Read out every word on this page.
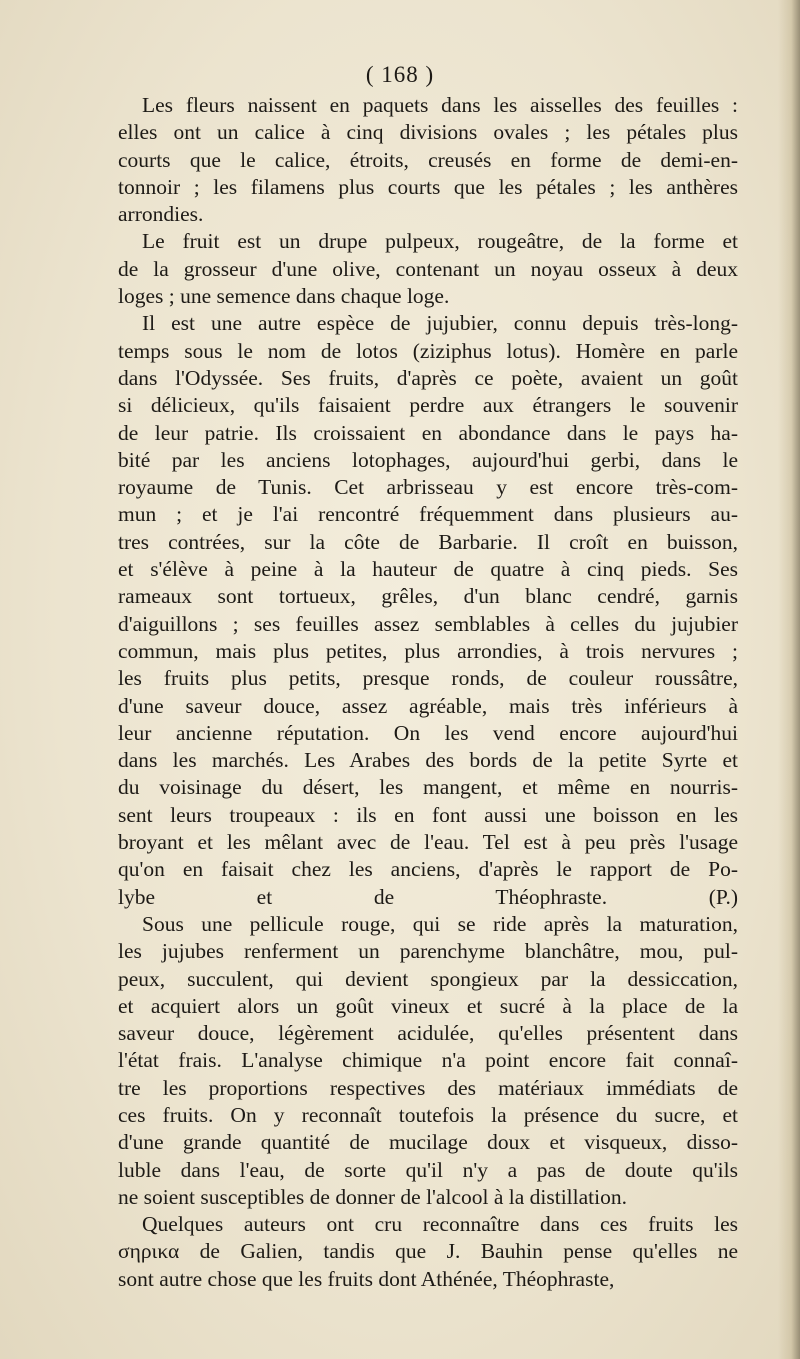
( 168 )
Les fleurs naissent en paquets dans les aisselles des feuilles :
elles ont un calice à cinq divisions ovales ; les pétales plus
courts que le calice, étroits, creusés en forme de demi-en-
tonnoir ; les filamens plus courts que les pétales ; les anthères
arrondies.
Le fruit est un drupe pulpeux, rougeâtre, de la forme et
de la grosseur d'une olive, contenant un noyau osseux à deux
loges ; une semence dans chaque loge.
Il est une autre espèce de jujubier, connu depuis très-long-
temps sous le nom de lotos (ziziphus lotus). Homère en parle
dans l'Odyssée. Ses fruits, d'après ce poète, avaient un goût
si délicieux, qu'ils faisaient perdre aux étrangers le souvenir
de leur patrie. Ils croissaient en abondance dans le pays ha-
bité par les anciens lotophages, aujourd'hui gerbi, dans le
royaume de Tunis. Cet arbrisseau y est encore très-com-
mun ; et je l'ai rencontré fréquemment dans plusieurs au-
tres contrées, sur la côte de Barbarie. Il croît en buisson,
et s'élève à peine à la hauteur de quatre à cinq pieds. Ses
rameaux sont tortueux, grêles, d'un blanc cendré, garnis
d'aiguillons ; ses feuilles assez semblables à celles du jujubier
commun, mais plus petites, plus arrondies, à trois nervures ;
les fruits plus petits, presque ronds, de couleur roussâtre,
d'une saveur douce, assez agréable, mais très inférieurs à
leur ancienne réputation. On les vend encore aujourd'hui
dans les marchés. Les Arabes des bords de la petite Syrte et
du voisinage du désert, les mangent, et même en nourris-
sent leurs troupeaux : ils en font aussi une boisson en les
broyant et les mêlant avec de l'eau. Tel est à peu près l'usage
qu'on en faisait chez les anciens, d'après le rapport de Po-
lybe et de Théophraste. (P.)
Sous une pellicule rouge, qui se ride après la maturation,
les jujubes renferment un parenchyme blanchâtre, mou, pul-
peux, succulent, qui devient spongieux par la dessiccation,
et acquiert alors un goût vineux et sucré à la place de la
saveur douce, légèrement acidulée, qu'elles présentent dans
l'état frais. L'analyse chimique n'a point encore fait connaî-
tre les proportions respectives des matériaux immédiats de
ces fruits. On y reconnaît toutefois la présence du sucre, et
d'une grande quantité de mucilage doux et visqueux, disso-
luble dans l'eau, de sorte qu'il n'y a pas de doute qu'ils
ne soient susceptibles de donner de l'alcool à la distillation.
Quelques auteurs ont cru reconnaître dans ces fruits les
σηρικα de Galien, tandis que J. Bauhin pense qu'elles ne
sont autre chose que les fruits dont Athénée, Théophraste,
